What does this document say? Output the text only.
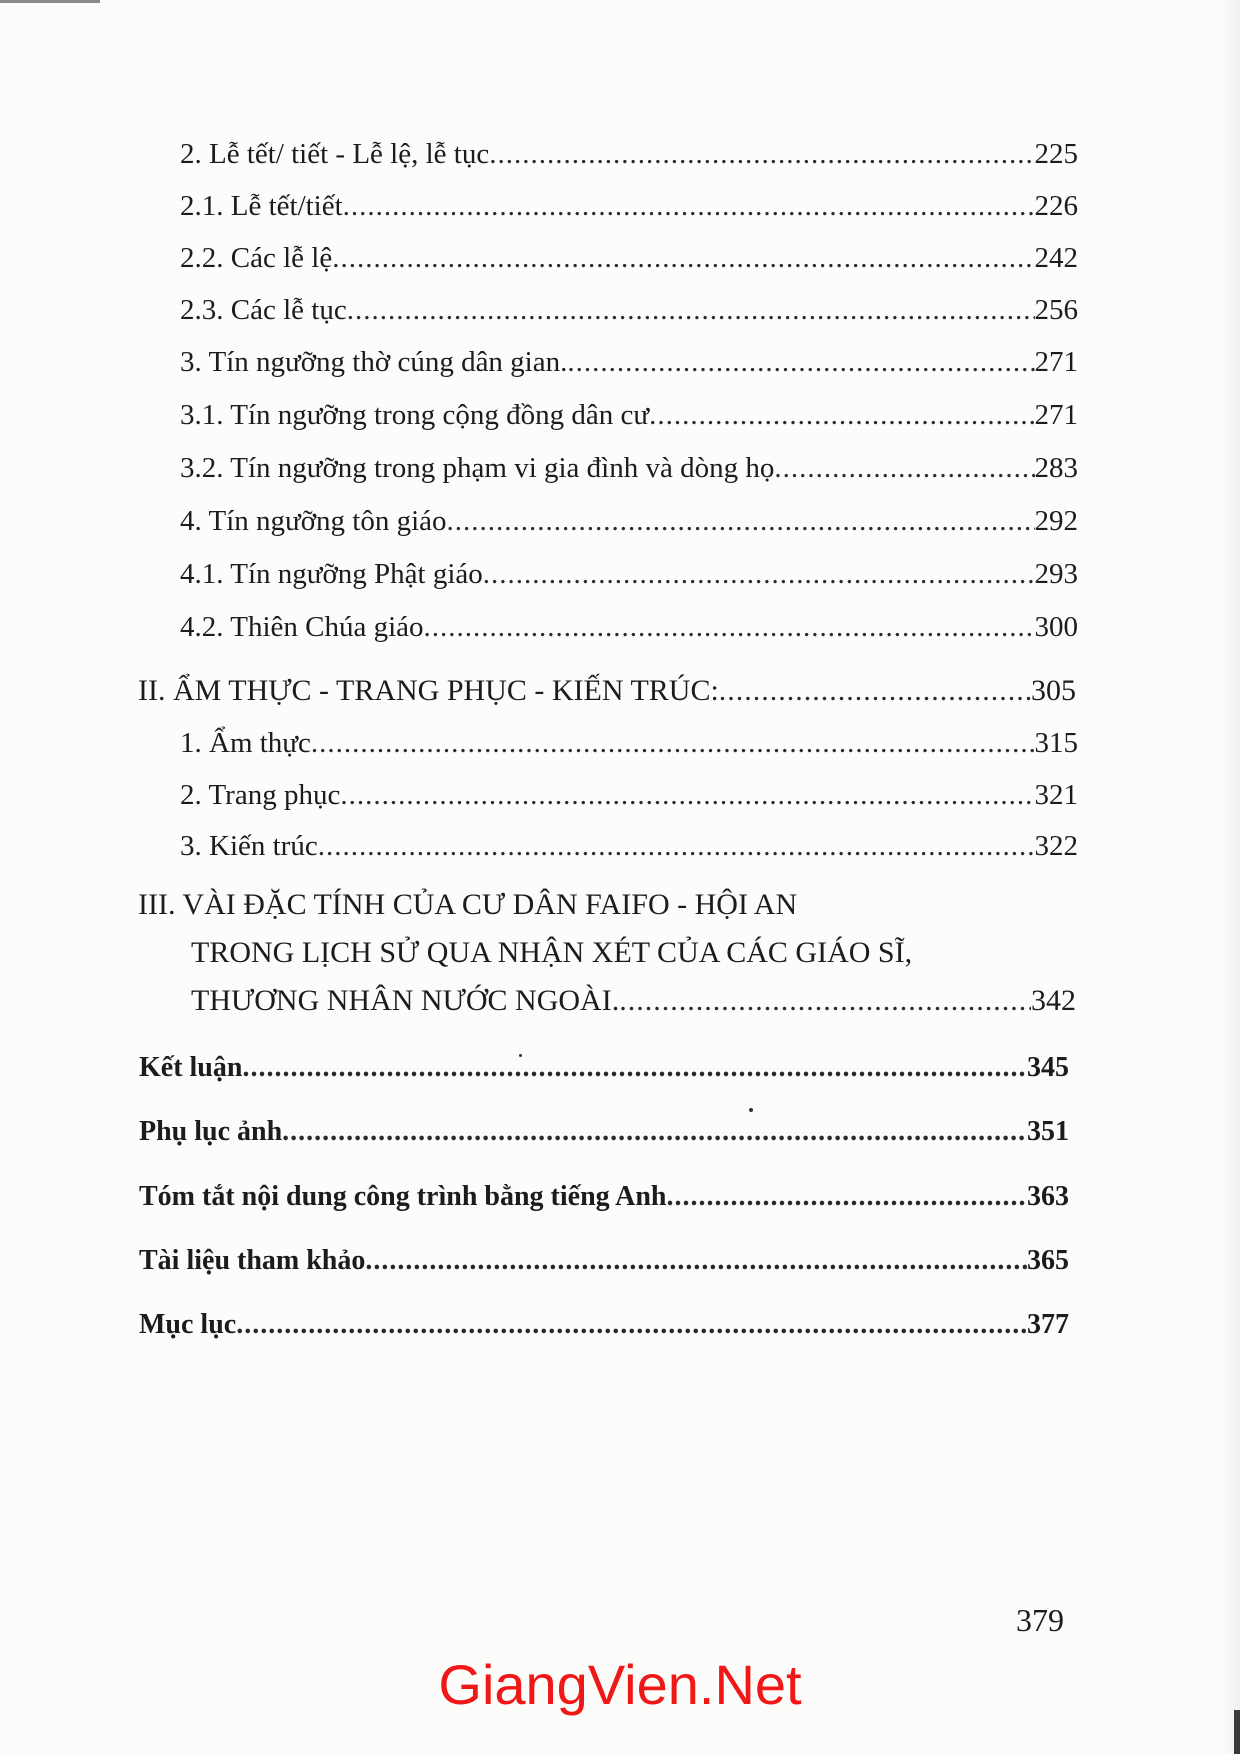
2. Lễ tết/ tiết - Lễ lệ, lễ tục .....	225
2.1. Lễ tết/tiết .....	226
2.2. Các lễ lệ .....	242
2.3. Các lễ tục .....	256
3. Tín ngưỡng thờ cúng dân gian. .....	271
3.1. Tín ngưỡng trong cộng đồng dân cư .....	271
3.2. Tín ngưỡng trong phạm vi gia đình và dòng họ .....	283
4. Tín ngưỡng tôn giáo .....	292
4.1. Tín ngưỡng Phật giáo .....	293
4.2. Thiên Chúa giáo .....	300
II. ẨM THỰC - TRANG PHỤC - KIẾN TRÚC: .....	305
1. Ẩm thực .....	315
2. Trang phục .....	321
3. Kiến trúc .....	322
III. VÀI ĐẶC TÍNH CỦA CƯ DÂN FAIFO - HỘI AN
TRONG LỊCH SỬ QUA NHẬN XÉT CỦA CÁC GIÁO SĨ,
THƯƠNG NHÂN NƯỚC NGOÀI. .....	342
Kết luận .....	345
Phụ lục ảnh .....	351
Tóm tắt nội dung công trình bằng tiếng Anh .....	363
Tài liệu tham khảo .....	365
Mục lục .....	377
379
GiangVien.Net
